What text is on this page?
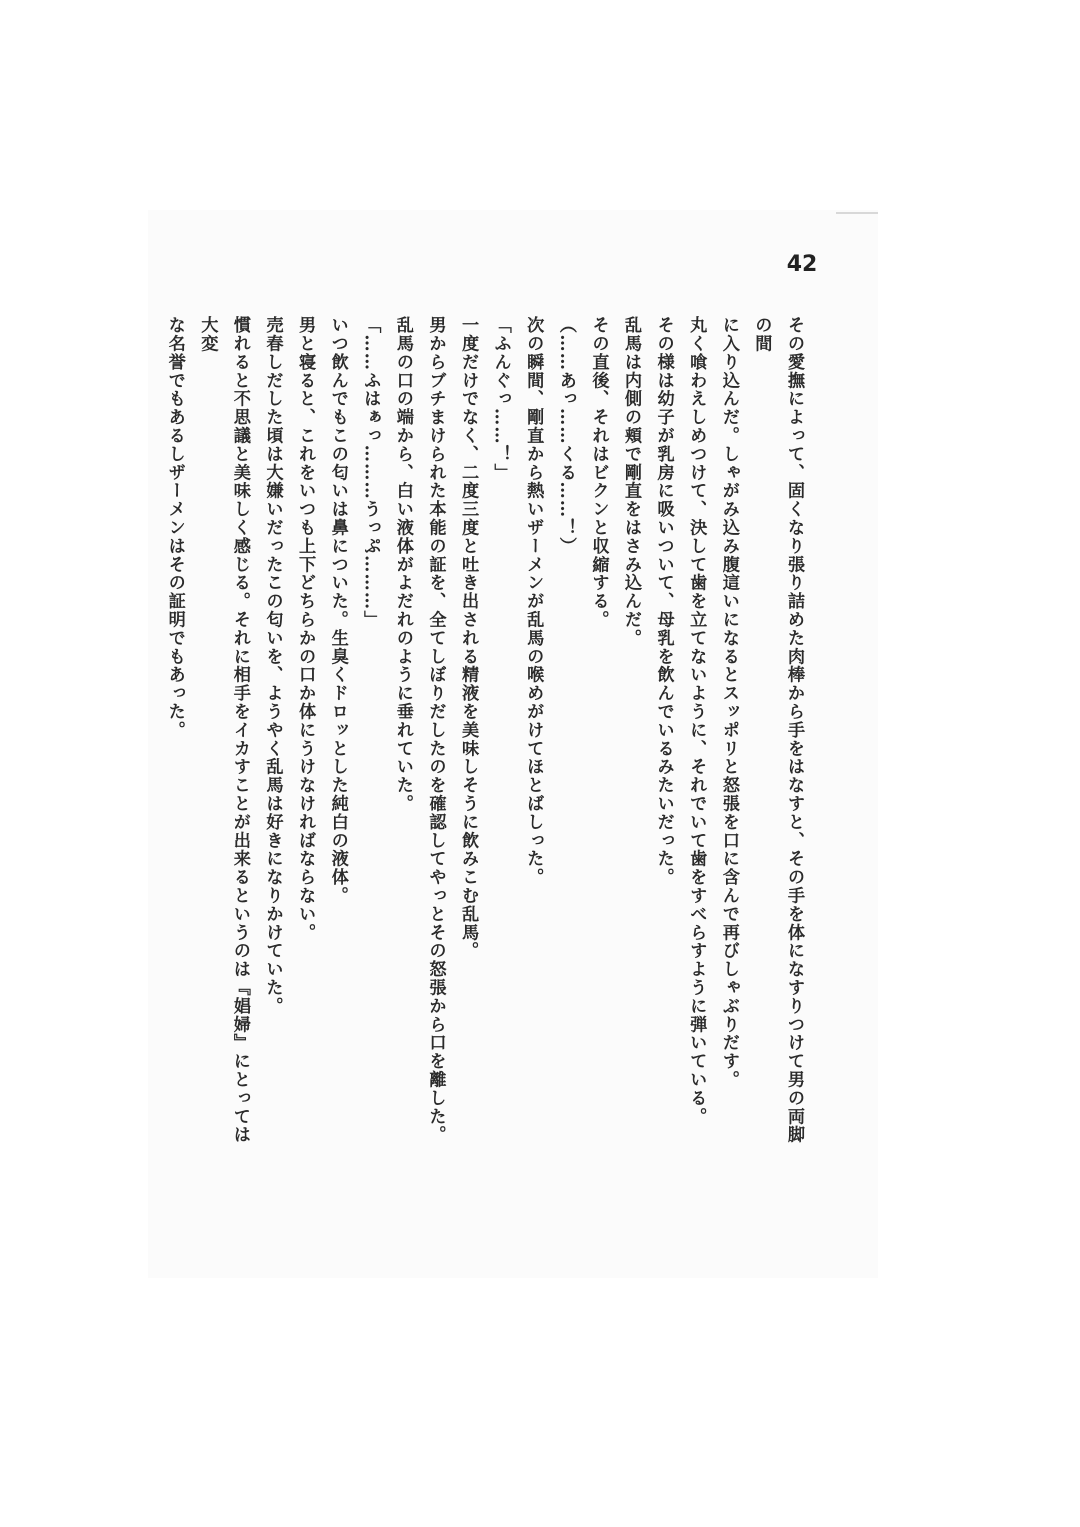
42

その愛撫によって、固くなり張り詰めた肉棒から手をはなすと、その手を体になすりつけて男の両脚の間

に入り込んだ。しゃがみ込み腹這いになるとスッポリと怒張を口に含んで再びしゃぶりだす。

丸く喰わえしめつけて、決して歯を立てないように、それでいて歯をすべらすように弾いている。

その様は幼子が乳房に吸いついて、母乳を飲んでいるみたいだった。

乱馬は内側の頬で剛直をはさみ込んだ。

その直後、それはビクンと収縮する。

（……あっ……くる……！）

次の瞬間、剛直から熱いザーメンが乱馬の喉めがけてほとばしった。

「ふんぐっ……！」

一度だけでなく、二度三度と吐き出される精液を美味しそうに飲みこむ乱馬。

男からブチまけられた本能の証を、全てしぼりだしたのを確認してやっとその怒張から口を離した。

乱馬の口の端から、白い液体がよだれのように垂れていた。

「……ふはぁっ………うっぷ………」

いつ飲んでもこの匂いは鼻についた。生臭くドロッとした純白の液体。

男と寝ると、これをいつも上下どちらかの口か体にうけなければならない。

売春しだした頃は大嫌いだったこの匂いを、ようやく乱馬は好きになりかけていた。

慣れると不思議と美味しく感じる。それに相手をイカすことが出来るというのは『娼婦』にとっては大変

な名誉でもあるしザーメンはその証明でもあった。
